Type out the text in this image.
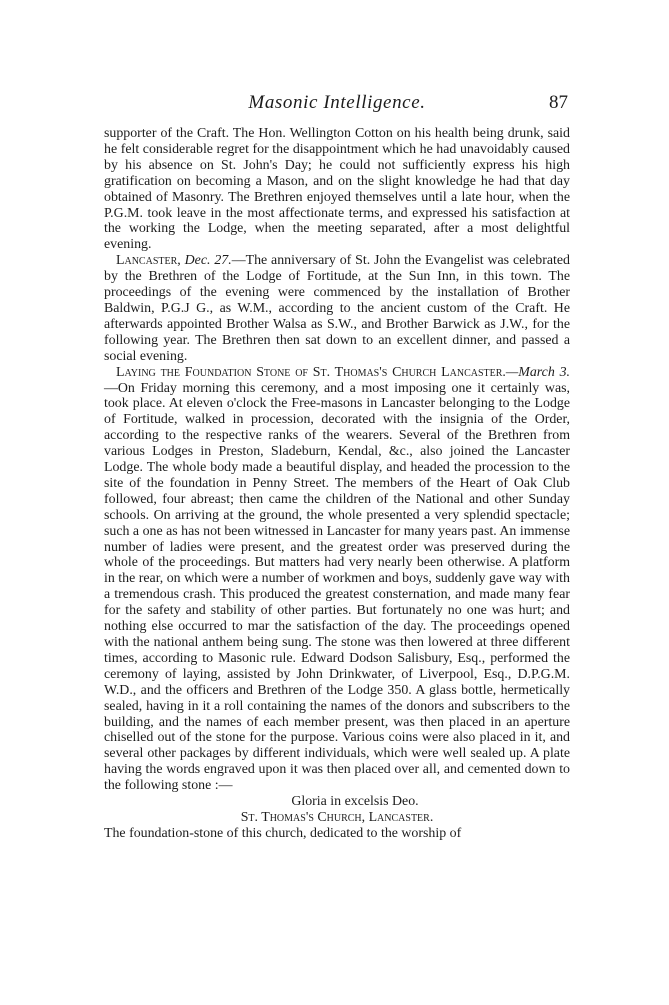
Masonic Intelligence.	87

supporter of the Craft. The Hon. Wellington Cotton on his health being drunk, said he felt considerable regret for the disappointment which he had unavoidably caused by his absence on St. John's Day; he could not sufficiently express his high gratification on becoming a Mason, and on the slight knowledge he had that day obtained of Masonry. The Brethren enjoyed themselves until a late hour, when the P.G.M. took leave in the most affectionate terms, and expressed his satisfaction at the working the Lodge, when the meeting separated, after a most delightful evening.

Lancaster, Dec. 27.—The anniversary of St. John the Evangelist was celebrated by the Brethren of the Lodge of Fortitude, at the Sun Inn, in this town. The proceedings of the evening were commenced by the installation of Brother Baldwin, P.G.J G., as W.M., according to the ancient custom of the Craft. He afterwards appointed Brother Walsa as S.W., and Brother Barwick as J.W., for the following year. The Brethren then sat down to an excellent dinner, and passed a social evening.

Laying the Foundation Stone of St. Thomas's Church Lancaster.—March 3.—On Friday morning this ceremony, and a most imposing one it certainly was, took place. At eleven o'clock the Free-masons in Lancaster belonging to the Lodge of Fortitude, walked in procession, decorated with the insignia of the Order, according to the respective ranks of the wearers. Several of the Brethren from various Lodges in Preston, Sladeburn, Kendal, &c., also joined the Lancaster Lodge. The whole body made a beautiful display, and headed the procession to the site of the foundation in Penny Street. The members of the Heart of Oak Club followed, four abreast; then came the children of the National and other Sunday schools. On arriving at the ground, the whole presented a very splendid spectacle; such a one as has not been witnessed in Lancaster for many years past. An immense number of ladies were present, and the greatest order was preserved during the whole of the proceedings. But matters had very nearly been otherwise. A platform in the rear, on which were a number of workmen and boys, suddenly gave way with a tremendous crash. This produced the greatest consternation, and made many fear for the safety and stability of other parties. But fortunately no one was hurt; and nothing else occurred to mar the satisfaction of the day. The proceedings opened with the national anthem being sung. The stone was then lowered at three different times, according to Masonic rule. Edward Dodson Salisbury, Esq., performed the ceremony of laying, assisted by John Drinkwater, of Liverpool, Esq., D.P.G.M. W.D., and the officers and Brethren of the Lodge 350. A glass bottle, hermetically sealed, having in it a roll containing the names of the donors and subscribers to the building, and the names of each member present, was then placed in an aperture chiselled out of the stone for the purpose. Various coins were also placed in it, and several other packages by different individuals, which were well sealed up. A plate having the words engraved upon it was then placed over all, and cemented down to the following stone :—

Gloria in excelsis Deo.

St. Thomas's Church, Lancaster.

The foundation-stone of this church, dedicated to the worship of
